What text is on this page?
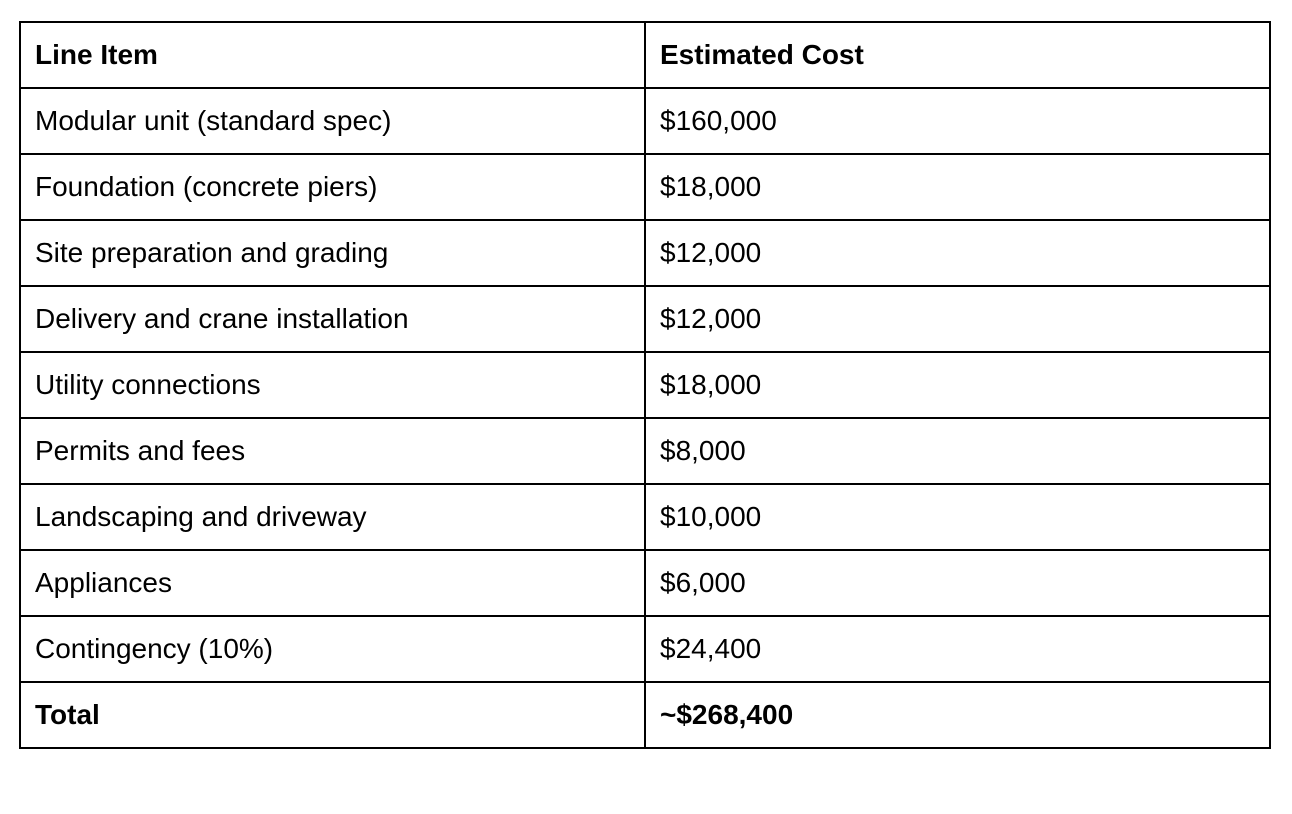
Line Item	Estimated Cost
Modular unit (standard spec)	$160,000
Foundation (concrete piers)	$18,000
Site preparation and grading	$12,000
Delivery and crane installation	$12,000
Utility connections	$18,000
Permits and fees	$8,000
Landscaping and driveway	$10,000
Appliances	$6,000
Contingency (10%)	$24,400
Total	~$268,400
